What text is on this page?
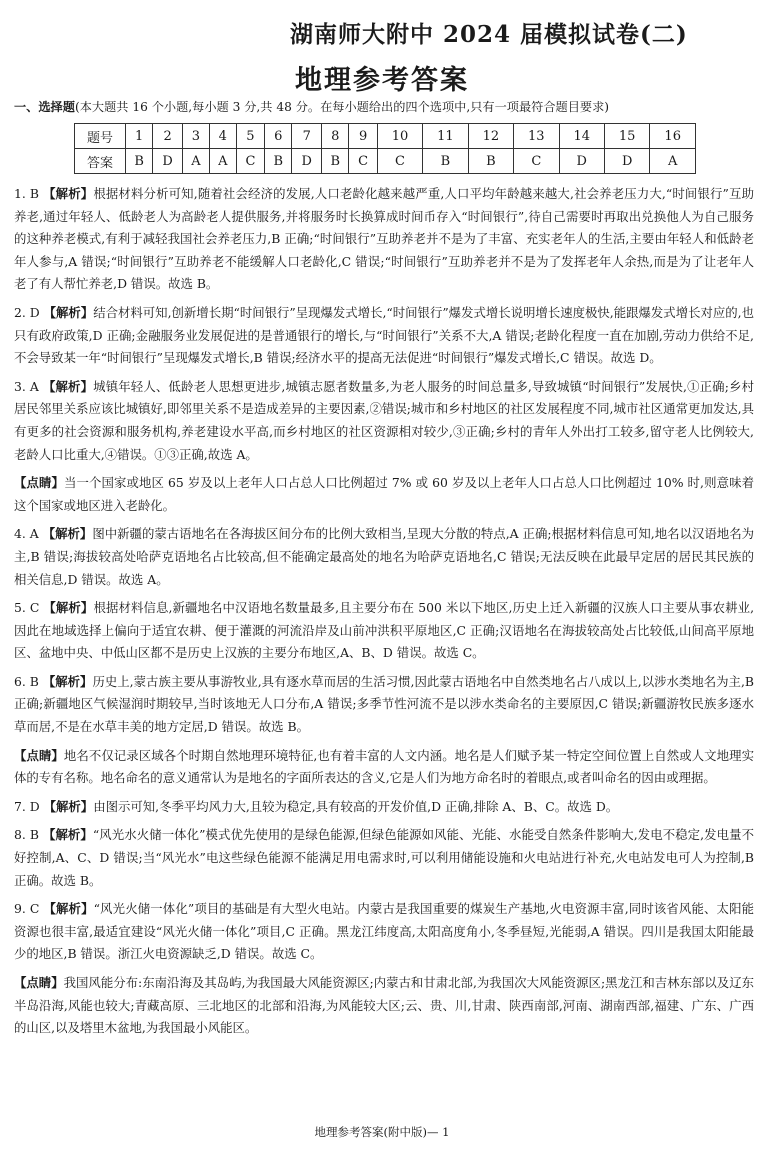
湖南师大附中 2024 届模拟试卷(二)
地理参考答案
一、选择题(本大题共 16 个小题,每小题 3 分,共 48 分。在每小题给出的四个选项中,只有一项最符合题目要求)
题号	1	2	3	4	5	6	7	8	9	10	11	12	13	14	15	16
答案	B	D	A	A	C	B	D	B	C	C	B	B	C	D	D	A

1. B 【解析】根据材料分析可知,随着社会经济的发展,人口老龄化越来越严重,人口平均年龄越来越大,社会养老压力大,“时间银行”互助养老,通过年轻人、低龄老人为高龄老人提供服务,并将服务时长换算成时间币存入“时间银行”,待自己需要时再取出兑换他人为自己服务的这种养老模式,有利于减轻我国社会养老压力,B 正确;“时间银行”互助养老并不是为了丰富、充实老年人的生活,主要由年轻人和低龄老年人参与,A 错误;“时间银行”互助养老不能缓解人口老龄化,C 错误;“时间银行”互助养老并不是为了发挥老年人余热,而是为了让老年人老了有人帮忙养老,D 错误。故选 B。

2. D 【解析】结合材料可知,创新增长期“时间银行”呈现爆发式增长,“时间银行”爆发式增长说明增长速度极快,能跟爆发式增长对应的,也只有政府政策,D 正确;金融服务业发展促进的是普通银行的增长,与“时间银行”关系不大,A 错误;老龄化程度一直在加剧,劳动力供给不足,不会导致某一年“时间银行”呈现爆发式增长,B 错误;经济水平的提高无法促进“时间银行”爆发式增长,C 错误。故选 D。

3. A 【解析】城镇年轻人、低龄老人思想更进步,城镇志愿者数量多,为老人服务的时间总量多,导致城镇“时间银行”发展快,①正确;乡村居民邻里关系应该比城镇好,即邻里关系不是造成差异的主要因素,②错误;城市和乡村地区的社区发展程度不同,城市社区通常更加发达,具有更多的社会资源和服务机构,养老建设水平高,而乡村地区的社区资源相对较少,③正确;乡村的青年人外出打工较多,留守老人比例较大,老龄人口比重大,④错误。①③正确,故选 A。

【点睛】当一个国家或地区 65 岁及以上老年人口占总人口比例超过 7% 或 60 岁及以上老年人口占总人口比例超过 10% 时,则意味着这个国家或地区进入老龄化。

4. A 【解析】图中新疆的蒙古语地名在各海拔区间分布的比例大致相当,呈现大分散的特点,A 正确;根据材料信息可知,地名以汉语地名为主,B 错误;海拔较高处哈萨克语地名占比较高,但不能确定最高处的地名为哈萨克语地名,C 错误;无法反映在此最早定居的居民其民族的相关信息,D 错误。故选 A。

5. C 【解析】根据材料信息,新疆地名中汉语地名数量最多,且主要分布在 500 米以下地区,历史上迁入新疆的汉族人口主要从事农耕业,因此在地域选择上偏向于适宜农耕、便于灌溉的河流沿岸及山前冲洪积平原地区,C 正确;汉语地名在海拔较高处占比较低,山间高平原地区、盆地中央、中低山区都不是历史上汉族的主要分布地区,A、B、D 错误。故选 C。

6. B 【解析】历史上,蒙古族主要从事游牧业,具有逐水草而居的生活习惯,因此蒙古语地名中自然类地名占八成以上,以涉水类地名为主,B 正确;新疆地区气候湿润时期较早,当时该地无人口分布,A 错误;多季节性河流不是以涉水类命名的主要原因,C 错误;新疆游牧民族多逐水草而居,不是在水草丰美的地方定居,D 错误。故选 B。

【点睛】地名不仅记录区域各个时期自然地理环境特征,也有着丰富的人文内涵。地名是人们赋予某一特定空间位置上自然或人文地理实体的专有名称。地名命名的意义通常认为是地名的字面所表达的含义,它是人们为地方命名时的着眼点,或者叫命名的因由或理据。

7. D 【解析】由图示可知,冬季平均风力大,且较为稳定,具有较高的开发价值,D 正确,排除 A、B、C。故选 D。

8. B 【解析】“风光水火储一体化”模式优先使用的是绿色能源,但绿色能源如风能、光能、水能受自然条件影响大,发电不稳定,发电量不好控制,A、C、D 错误;当“风光水”电这些绿色能源不能满足用电需求时,可以利用储能设施和火电站进行补充,火电站发电可人为控制,B 正确。故选 B。

9. C 【解析】“风光火储一体化”项目的基础是有大型火电站。内蒙古是我国重要的煤炭生产基地,火电资源丰富,同时该省风能、太阳能资源也很丰富,最适宜建设“风光火储一体化”项目,C 正确。黑龙江纬度高,太阳高度角小,冬季昼短,光能弱,A 错误。四川是我国太阳能最少的地区,B 错误。浙江火电资源缺乏,D 错误。故选 C。

【点睛】我国风能分布:东南沿海及其岛屿,为我国最大风能资源区;内蒙古和甘肃北部,为我国次大风能资源区;黑龙江和吉林东部以及辽东半岛沿海,风能也较大;青藏高原、三北地区的北部和沿海,为风能较大区;云、贵、川,甘肃、陕西南部,河南、湖南西部,福建、广东、广西的山区,以及塔里木盆地,为我国最小风能区。

地理参考答案(附中版)— 1
